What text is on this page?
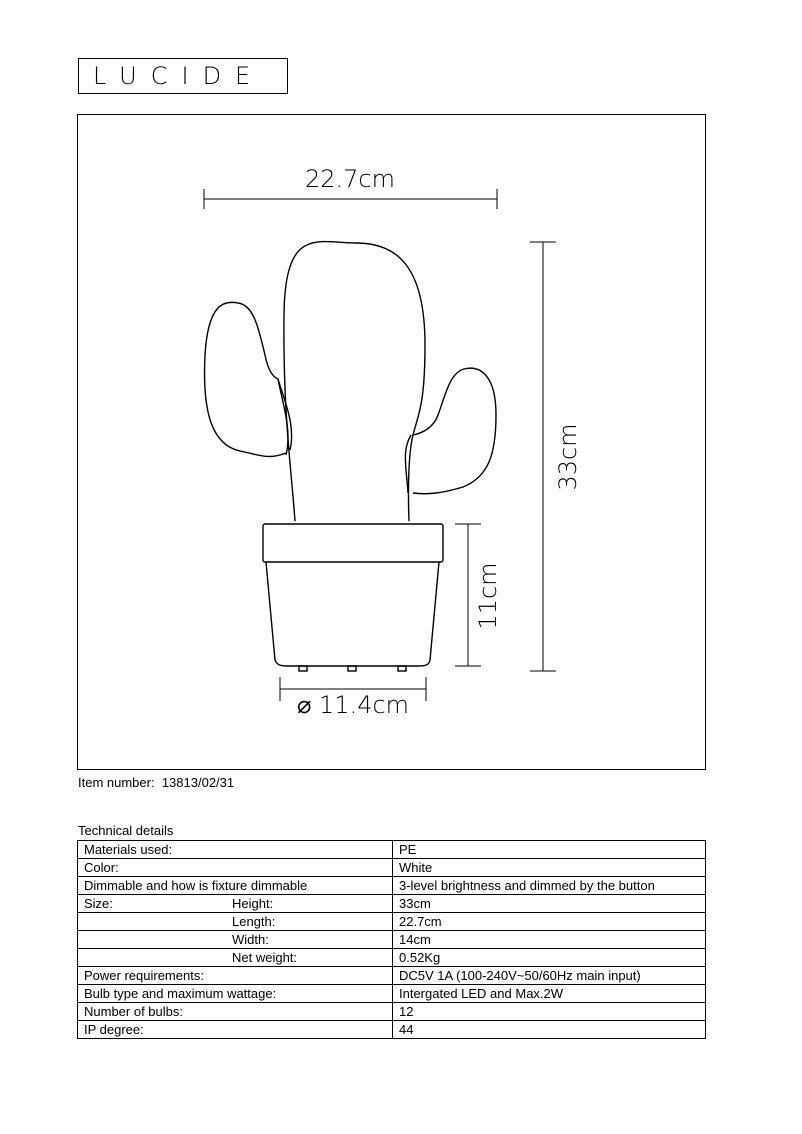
LUCIDE
22.7cm
33cm
11cm
⌀ 11.4cm
Item number: 13813/02/31
Technical details
Materials used:	PE
Color:	White
Dimmable and how is fixture dimmable	3-level brightness and dimmed by the button
Size: Height:	33cm
Length:	22.7cm
Width:	14cm
Net weight:	0.52Kg
Power requirements:	DC5V 1A (100-240V~50/60Hz main input)
Bulb type and maximum wattage:	Intergated LED and Max.2W
Number of bulbs:	12
IP degree:	44
